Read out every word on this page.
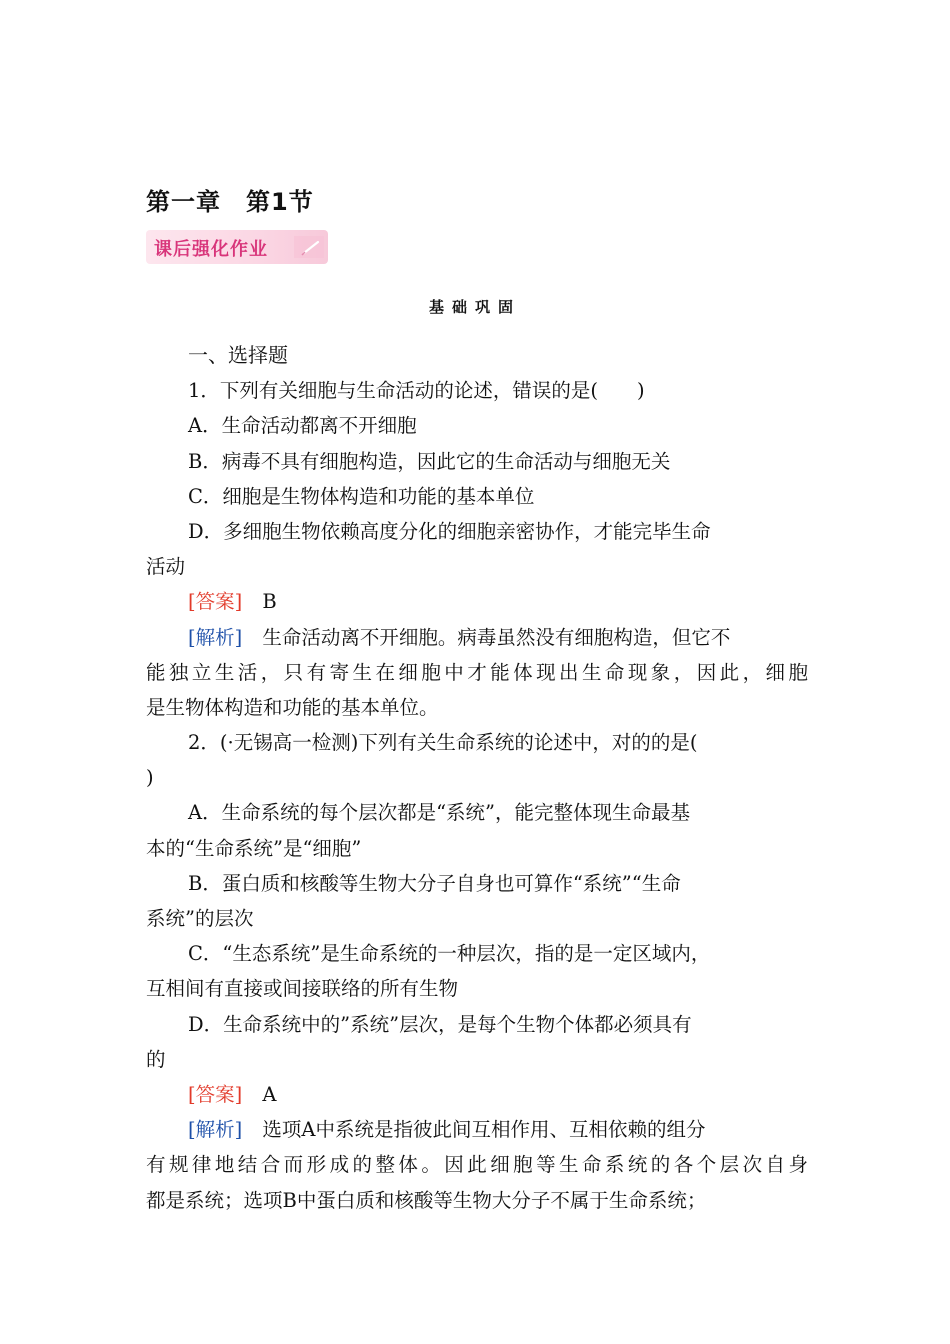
第一章　第1节
课后强化作业
基础巩固
一、选择题
1．下列有关细胞与生命活动的论述，错误的是(　　)
A．生命活动都离不开细胞
B．病毒不具有细胞构造，因此它的生命活动与细胞无关
C．细胞是生物体构造和功能的基本单位
D．多细胞生物依赖高度分化的细胞亲密协作，才能完毕生命
活动
[答案] B
[解析] 生命活动离不开细胞。病毒虽然没有细胞构造，但它不
能独立生活，只有寄生在细胞中才能体现出生命现象，因此，细胞
是生物体构造和功能的基本单位。
2．(·无锡高一检测)下列有关生命系统的论述中，对的的是(
)
A．生命系统的每个层次都是“系统”，能完整体现生命最基
本的“生命系统”是“细胞”
B．蛋白质和核酸等生物大分子自身也可算作“系统”“生命
系统”的层次
C．“生态系统”是生命系统的一种层次，指的是一定区域内，
互相间有直接或间接联络的所有生物
D．生命系统中的”系统”层次，是每个生物个体都必须具有
的
[答案] A
[解析] 选项A中系统是指彼此间互相作用、互相依赖的组分
有规律地结合而形成的整体。因此细胞等生命系统的各个层次自身
都是系统；选项B中蛋白质和核酸等生物大分子不属于生命系统；
